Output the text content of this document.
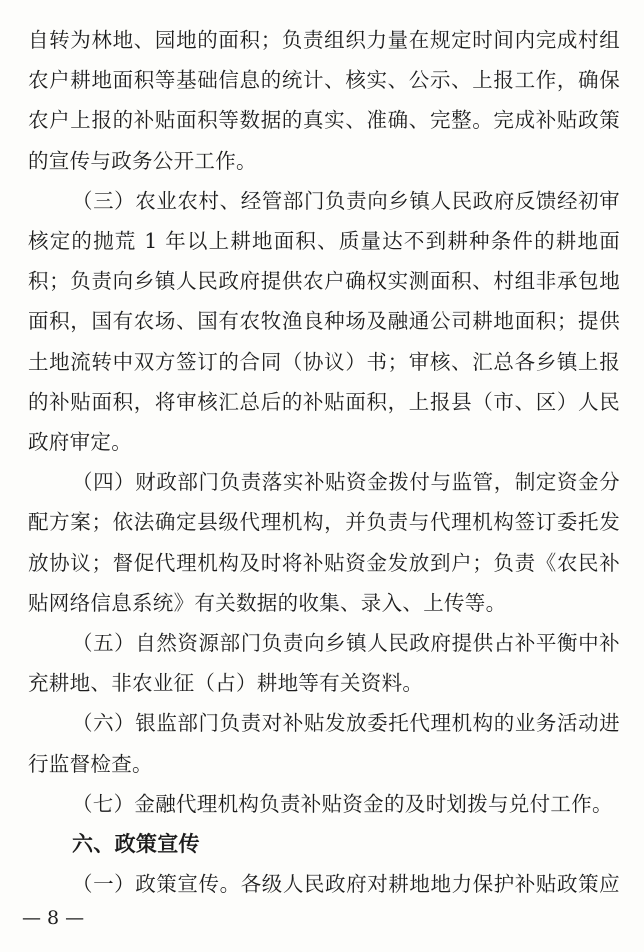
自转为林地、园地的面积；负责组织力量在规定时间内完成村组
农户耕地面积等基础信息的统计、核实、公示、上报工作，确保
农户上报的补贴面积等数据的真实、准确、完整。完成补贴政策
的宣传与政务公开工作。
（三）农业农村、经管部门负责向乡镇人民政府反馈经初审
核定的抛荒 1 年以上耕地面积、质量达不到耕种条件的耕地面
积；负责向乡镇人民政府提供农户确权实测面积、村组非承包地
面积，国有农场、国有农牧渔良种场及融通公司耕地面积；提供
土地流转中双方签订的合同（协议）书；审核、汇总各乡镇上报
的补贴面积，将审核汇总后的补贴面积，上报县（市、区）人民
政府审定。
（四）财政部门负责落实补贴资金拨付与监管，制定资金分
配方案；依法确定县级代理机构，并负责与代理机构签订委托发
放协议；督促代理机构及时将补贴资金发放到户；负责《农民补
贴网络信息系统》有关数据的收集、录入、上传等。
（五）自然资源部门负责向乡镇人民政府提供占补平衡中补
充耕地、非农业征（占）耕地等有关资料。
（六）银监部门负责对补贴发放委托代理机构的业务活动进
行监督检查。
（七）金融代理机构负责补贴资金的及时划拨与兑付工作。
六、政策宣传
（一）政策宣传。各级人民政府对耕地地力保护补贴政策应
— 8 —
